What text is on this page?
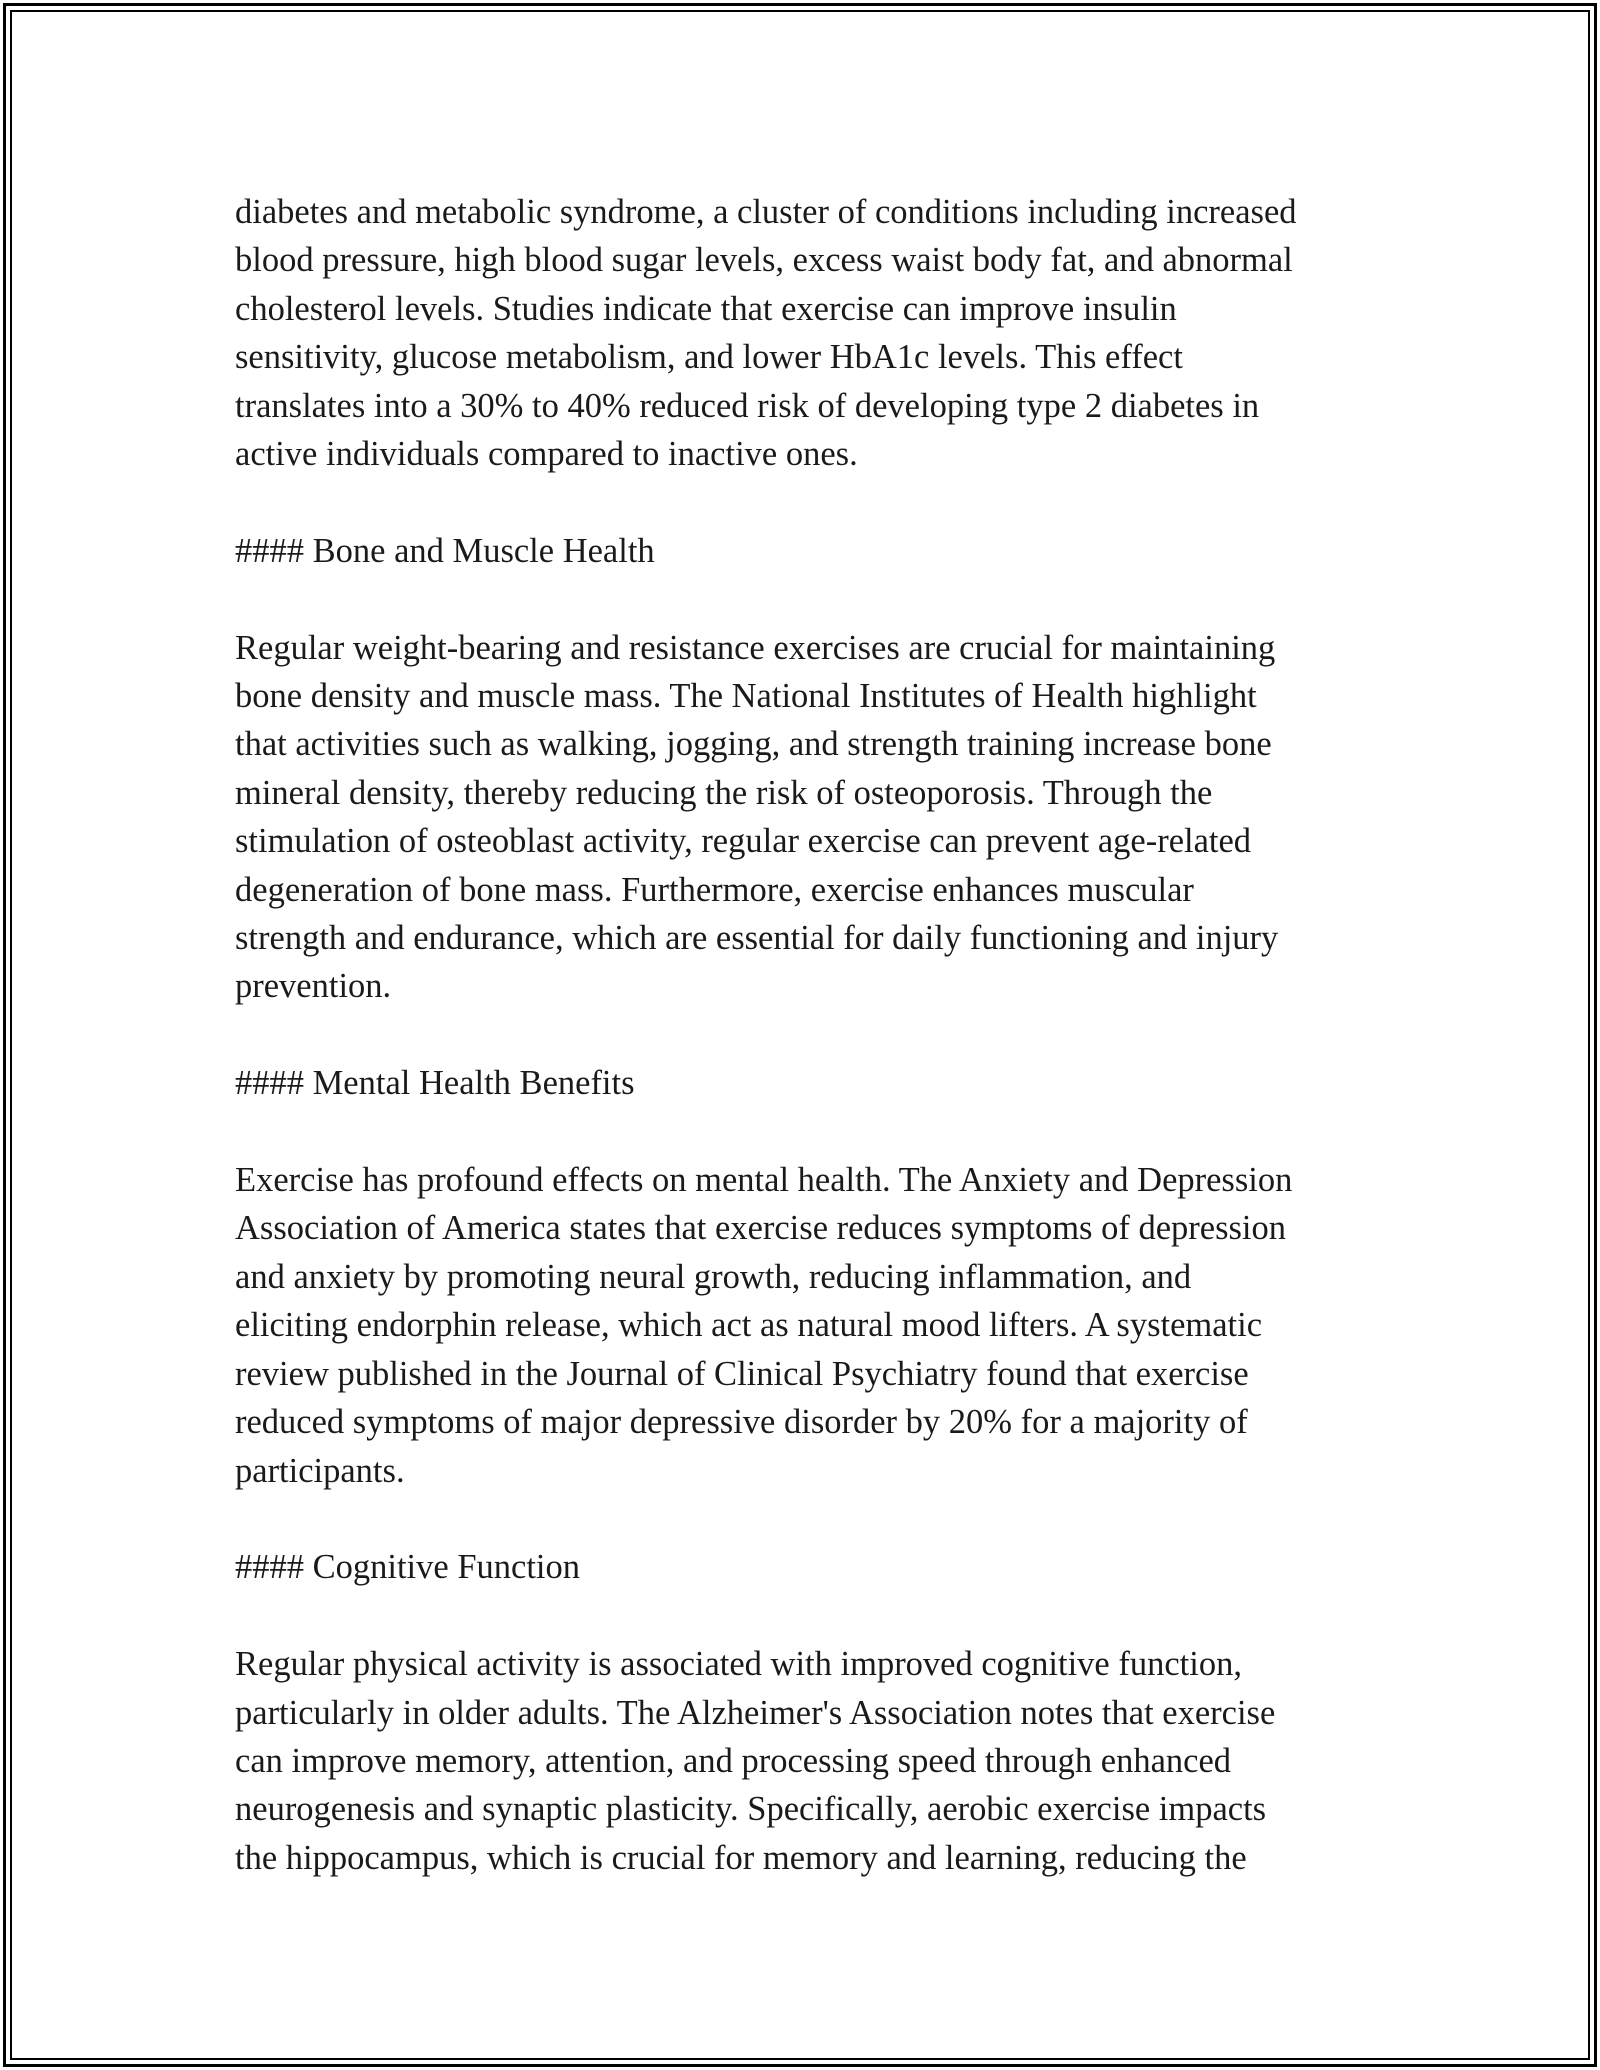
diabetes and metabolic syndrome, a cluster of conditions including increased
blood pressure, high blood sugar levels, excess waist body fat, and abnormal
cholesterol levels. Studies indicate that exercise can improve insulin
sensitivity, glucose metabolism, and lower HbA1c levels. This effect
translates into a 30% to 40% reduced risk of developing type 2 diabetes in
active individuals compared to inactive ones.

#### Bone and Muscle Health

Regular weight-bearing and resistance exercises are crucial for maintaining
bone density and muscle mass. The National Institutes of Health highlight
that activities such as walking, jogging, and strength training increase bone
mineral density, thereby reducing the risk of osteoporosis. Through the
stimulation of osteoblast activity, regular exercise can prevent age-related
degeneration of bone mass. Furthermore, exercise enhances muscular
strength and endurance, which are essential for daily functioning and injury
prevention.

#### Mental Health Benefits

Exercise has profound effects on mental health. The Anxiety and Depression
Association of America states that exercise reduces symptoms of depression
and anxiety by promoting neural growth, reducing inflammation, and
eliciting endorphin release, which act as natural mood lifters. A systematic
review published in the Journal of Clinical Psychiatry found that exercise
reduced symptoms of major depressive disorder by 20% for a majority of
participants.

#### Cognitive Function

Regular physical activity is associated with improved cognitive function,
particularly in older adults. The Alzheimer's Association notes that exercise
can improve memory, attention, and processing speed through enhanced
neurogenesis and synaptic plasticity. Specifically, aerobic exercise impacts
the hippocampus, which is crucial for memory and learning, reducing the
